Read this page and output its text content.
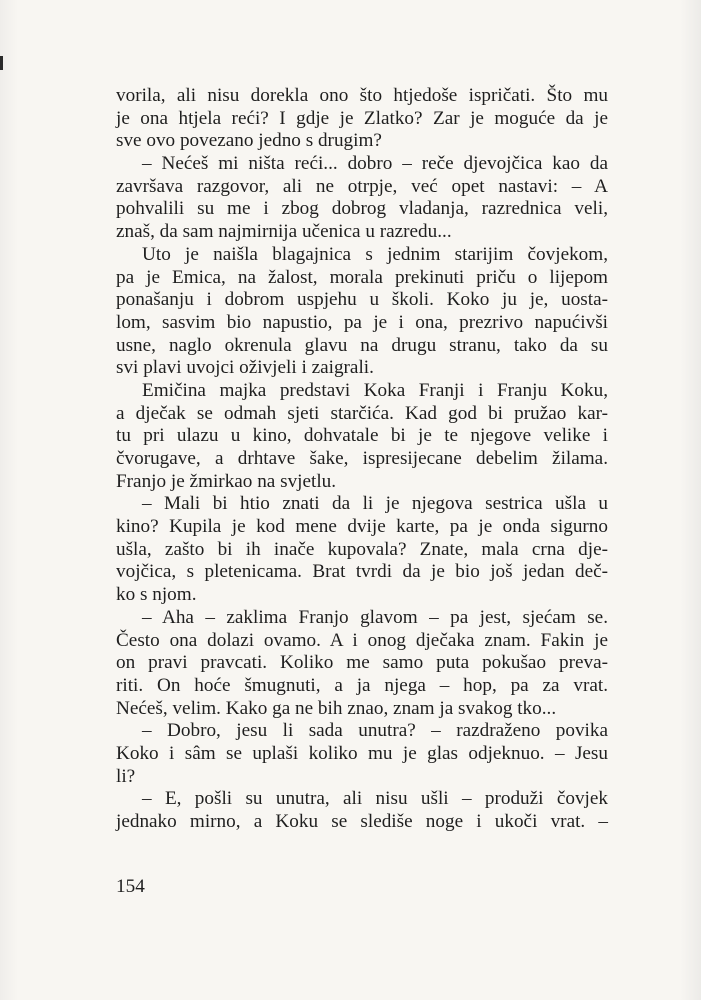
vorila, ali nisu dorekla ono što htjedoše ispričati. Što mu
je ona htjela reći? I gdje je Zlatko? Zar je moguće da je
sve ovo povezano jedno s drugim?
– Nećeš mi ništa reći... dobro – reče djevojčica kao da
završava razgovor, ali ne otrpje, već opet nastavi: – A
pohvalili su me i zbog dobrog vladanja, razrednica veli,
znaš, da sam najmirnija učenica u razredu...
Uto je naišla blagajnica s jednim starijim čovjekom,
pa je Emica, na žalost, morala prekinuti priču o lijepom
ponašanju i dobrom uspjehu u školi. Koko ju je, uosta-
lom, sasvim bio napustio, pa je i ona, prezrivo napućivši
usne, naglo okrenula glavu na drugu stranu, tako da su
svi plavi uvojci oživjeli i zaigrali.
Emičina majka predstavi Koka Franji i Franju Koku,
a dječak se odmah sjeti starčića. Kad god bi pružao kar-
tu pri ulazu u kino, dohvatale bi je te njegove velike i
čvorugave, a drhtave šake, ispresijecane debelim žilama.
Franjo je žmirkao na svjetlu.
– Mali bi htio znati da li je njegova sestrica ušla u
kino? Kupila je kod mene dvije karte, pa je onda sigurno
ušla, zašto bi ih inače kupovala? Znate, mala crna dje-
vojčica, s pletenicama. Brat tvrdi da je bio još jedan deč-
ko s njom.
– Aha – zaklima Franjo glavom – pa jest, sjećam se.
Često ona dolazi ovamo. A i onog dječaka znam. Fakin je
on pravi pravcati. Koliko me samo puta pokušao preva-
riti. On hoće šmugnuti, a ja njega – hop, pa za vrat.
Nećeš, velim. Kako ga ne bih znao, znam ja svakog tko...
– Dobro, jesu li sada unutra? – razdraženo povika
Koko i sâm se uplaši koliko mu je glas odjeknuo. – Jesu
li?
– E, pošli su unutra, ali nisu ušli – produži čovjek
jednako mirno, a Koku se slediše noge i ukoči vrat. –
154
